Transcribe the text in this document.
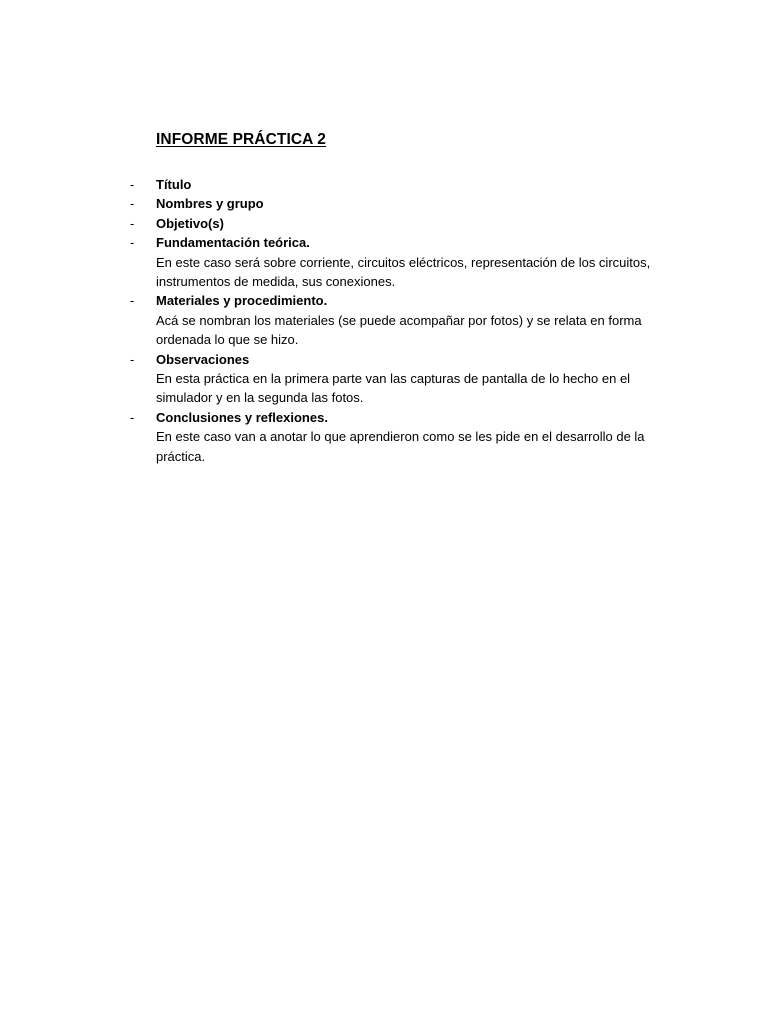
INFORME PRÁCTICA 2
- Título
- Nombres y grupo
- Objetivo(s)
- Fundamentación teórica.
En este caso será sobre corriente, circuitos eléctricos, representación de los circuitos, instrumentos de medida, sus conexiones.
- Materiales y procedimiento.
Acá se nombran los materiales (se puede acompañar por fotos) y se relata en forma ordenada lo que se hizo.
- Observaciones
En esta práctica en la primera parte van las capturas de pantalla de lo hecho en el simulador y en la segunda las fotos.
- Conclusiones y reflexiones.
En este caso van a anotar lo que aprendieron como se les pide en el desarrollo de la práctica.
